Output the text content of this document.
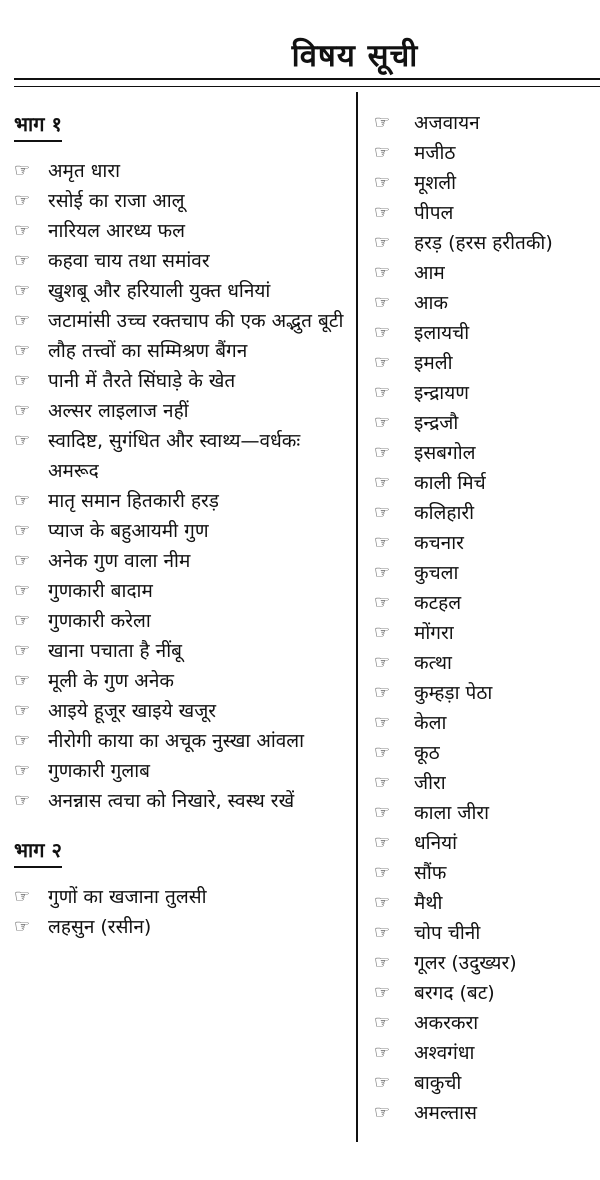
विषय सूची
भाग १
☞ अमृत धारा
☞ रसोई का राजा आलू
☞ नारियल आरध्य फल
☞ कहवा चाय तथा समांवर
☞ खुशबू और हरियाली युक्त धनियां
☞ जटामांसी उच्च रक्तचाप की एक अद्भुत बूटी
☞ लौह तत्त्वों का सम्मिश्रण बैंगन
☞ पानी में तैरते सिंघाड़े के खेत
☞ अल्सर लाइलाज नहीं
☞ स्वादिष्ट, सुगंधित और स्वाथ्य—वर्धकः अमरूद
☞ मातृ समान हितकारी हरड़
☞ प्याज के बहुआयमी गुण
☞ अनेक गुण वाला नीम
☞ गुणकारी बादाम
☞ गुणकारी करेला
☞ खाना पचाता है नींबू
☞ मूली के गुण अनेक
☞ आइये हूजूर खाइये खजूर
☞ नीरोगी काया का अचूक नुस्खा आंवला
☞ गुणकारी गुलाब
☞ अनन्नास त्वचा को निखारे, स्वस्थ रखें
भाग २
☞ गुणों का खजाना तुलसी
☞ लहसुन (रसीन)
☞	अजवायन
☞	मजीठ
☞	मूशली
☞	पीपल
☞	हरड़ (हरस हरीतकी)
☞	आम
☞	आक
☞	इलायची
☞	इमली
☞	इन्द्रायण
☞	इन्द्रजौ
☞	इसबगोल
☞	काली मिर्च
☞	कलिहारी
☞	कचनार
☞	कुचला
☞	कटहल
☞	मोंगरा
☞	कत्था
☞	कुम्हड़ा पेठा
☞	केला
☞	कूठ
☞	जीरा
☞	काला जीरा
☞	धनियां
☞	सौंफ
☞	मैथी
☞	चोप चीनी
☞	गूलर (उदुख्यर)
☞	बरगद (बट)
☞	अकरकरा
☞	अश्वगंधा
☞	बाकुची
☞	अमल्तास
